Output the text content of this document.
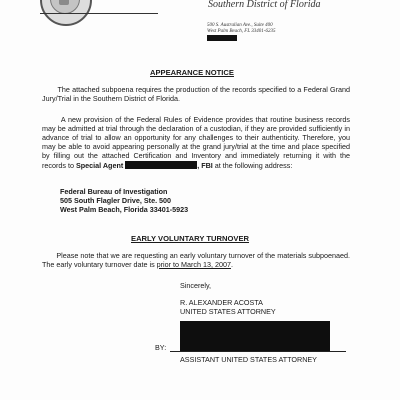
Southern District of Florida
500 S. Australian Ave., Suite 400
West Palm Beach, FL 33401-6235
APPEARANCE NOTICE
The attached subpoena requires the production of the records specified to a Federal Grand Jury/Trial in the Southern District of Florida.
A new provision of the Federal Rules of Evidence provides that routine business records may be admitted at trial through the declaration of a custodian, if they are provided sufficiently in advance of trial to allow an opportunity for any challenges to their authenticity. Therefore, you may be able to avoid appearing personally at the grand jury/trial at the time and place specified by filling out the attached Certification and Inventory and immediately returning it with the records to Special Agent	, FBI at the following address:
Federal Bureau of Investigation
505 South Flagler Drive, Ste. 500
West Palm Beach, Florida 33401-5923
EARLY VOLUNTARY TURNOVER
Please note that we are requesting an early voluntary turnover of the materials subpoenaed. The early voluntary turnover date is prior to March 13, 2007.
Sincerely,
R. ALEXANDER ACOSTA
UNITED STATES ATTORNEY
BY:
ASSISTANT UNITED STATES ATTORNEY
